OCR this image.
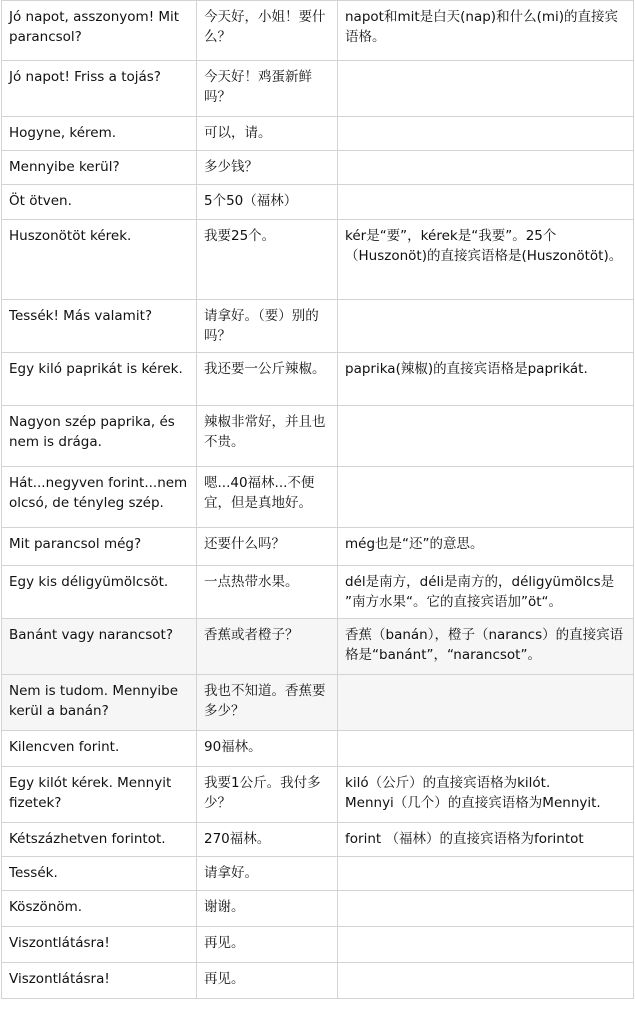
Jó napot, asszonyom! Mit parancsol?	今天好，小姐！要什么？	napot和mit是白天(nap)和什么(mi)的直接宾语格。
Jó napot! Friss a tojás?	今天好！鸡蛋新鲜吗？	
Hogyne, kérem.	可以，请。	
Mennyibe kerül?	多少钱？	
Öt ötven.	5个50（福林）	
Huszonötöt kérek.	我要25个。	kér是“要”，kérek是“我要”。25个（Huszonöt)的直接宾语格是(Huszonötöt)。
Tessék! Más valamit?	请拿好。（要）别的吗？	
Egy kiló paprikát is kérek.	我还要一公斤辣椒。	paprika(辣椒)的直接宾语格是paprikát.
Nagyon szép paprika, és nem is drága.	辣椒非常好，并且也不贵。	
Hát...negyven forint...nem olcsó, de tényleg szép.	嗯...40福林...不便宜，但是真地好。	
Mit parancsol még?	还要什么吗？	még也是“还”的意思。
Egy kis déligyümölcsöt.	一点热带水果。	dél是南方，déli是南方的，déligyümölcs是 ”南方水果“。它的直接宾语加”öt“。
Banánt vagy narancsot?	香蕉或者橙子？	香蕉（banán），橙子（narancs）的直接宾语格是“banánt”，“narancsot”。
Nem is tudom. Mennyibe kerül a banán?	我也不知道。香蕉要多少？	
Kilencven forint.	90福林。	
Egy kilót kérek. Mennyit fizetek?	我要1公斤。我付多少？	kiló（公斤）的直接宾语格为kilót.
Mennyi（几个）的直接宾语格为Mennyit.
Kétszázhetven forintot.	270福林。	forint （福林）的直接宾语格为forintot
Tessék.	请拿好。	
Köszönöm.	谢谢。	
Viszontlátásra!	再见。	
Viszontlátásra!	再见。	
